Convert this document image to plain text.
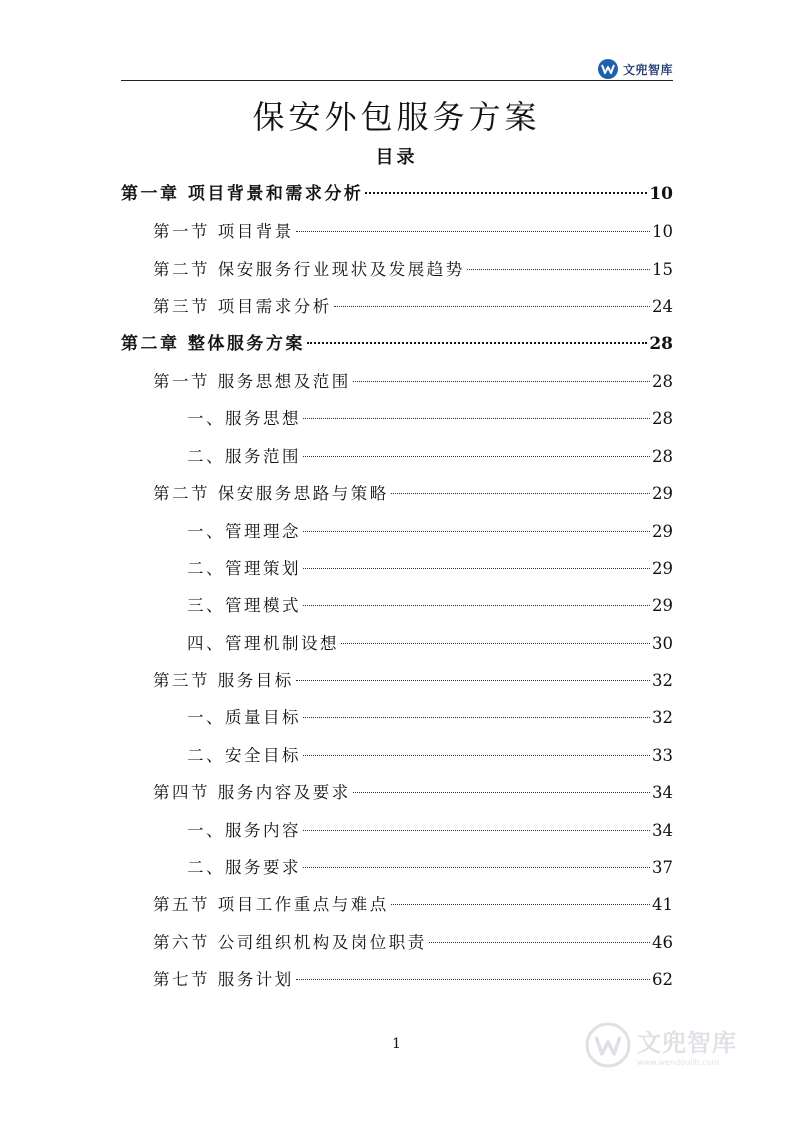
文兜智库
保安外包服务方案
目录
第一章 项目背景和需求分析	10
第一节 项目背景	10
第二节 保安服务行业现状及发展趋势	15
第三节 项目需求分析	24
第二章 整体服务方案	28
第一节 服务思想及范围	28
一、服务思想	28
二、服务范围	28
第二节 保安服务思路与策略	29
一、管理理念	29
二、管理策划	29
三、管理模式	29
四、管理机制设想	30
第三节 服务目标	32
一、质量目标	32
二、安全目标	33
第四节 服务内容及要求	34
一、服务内容	34
二、服务要求	37
第五节 项目工作重点与难点	41
第六节 公司组织机构及岗位职责	46
第七节 服务计划	62
1	文兜智库
www.wendoulib.com
